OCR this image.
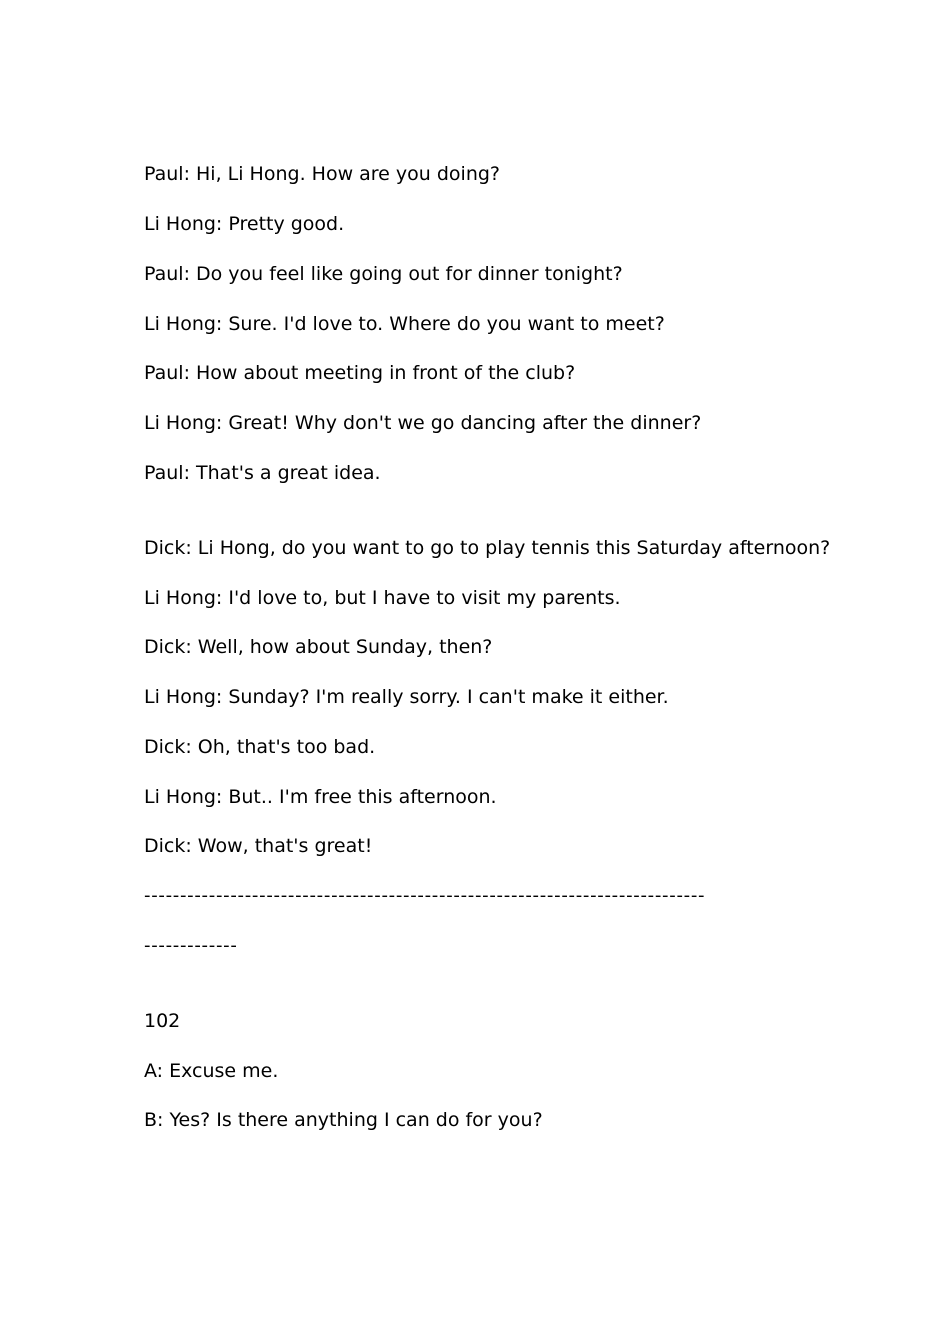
Paul: Hi, Li Hong. How are you doing?
Li Hong: Pretty good.
Paul: Do you feel like going out for dinner tonight?
Li Hong: Sure. I'd love to. Where do you want to meet?
Paul: How about meeting in front of the club?
Li Hong: Great! Why don't we go dancing after the dinner?
Paul: That's a great idea.
Dick: Li Hong, do you want to go to play tennis this Saturday afternoon?
Li Hong: I'd love to, but I have to visit my parents.
Dick: Well, how about Sunday, then?
Li Hong: Sunday? I'm really sorry. I can't make it either.
Dick: Oh, that's too bad.
Li Hong: But.. I'm free this afternoon.
Dick: Wow, that's great!
------------------------------------------------------------------------------
-------------
102
A: Excuse me.
B: Yes? Is there anything I can do for you?
